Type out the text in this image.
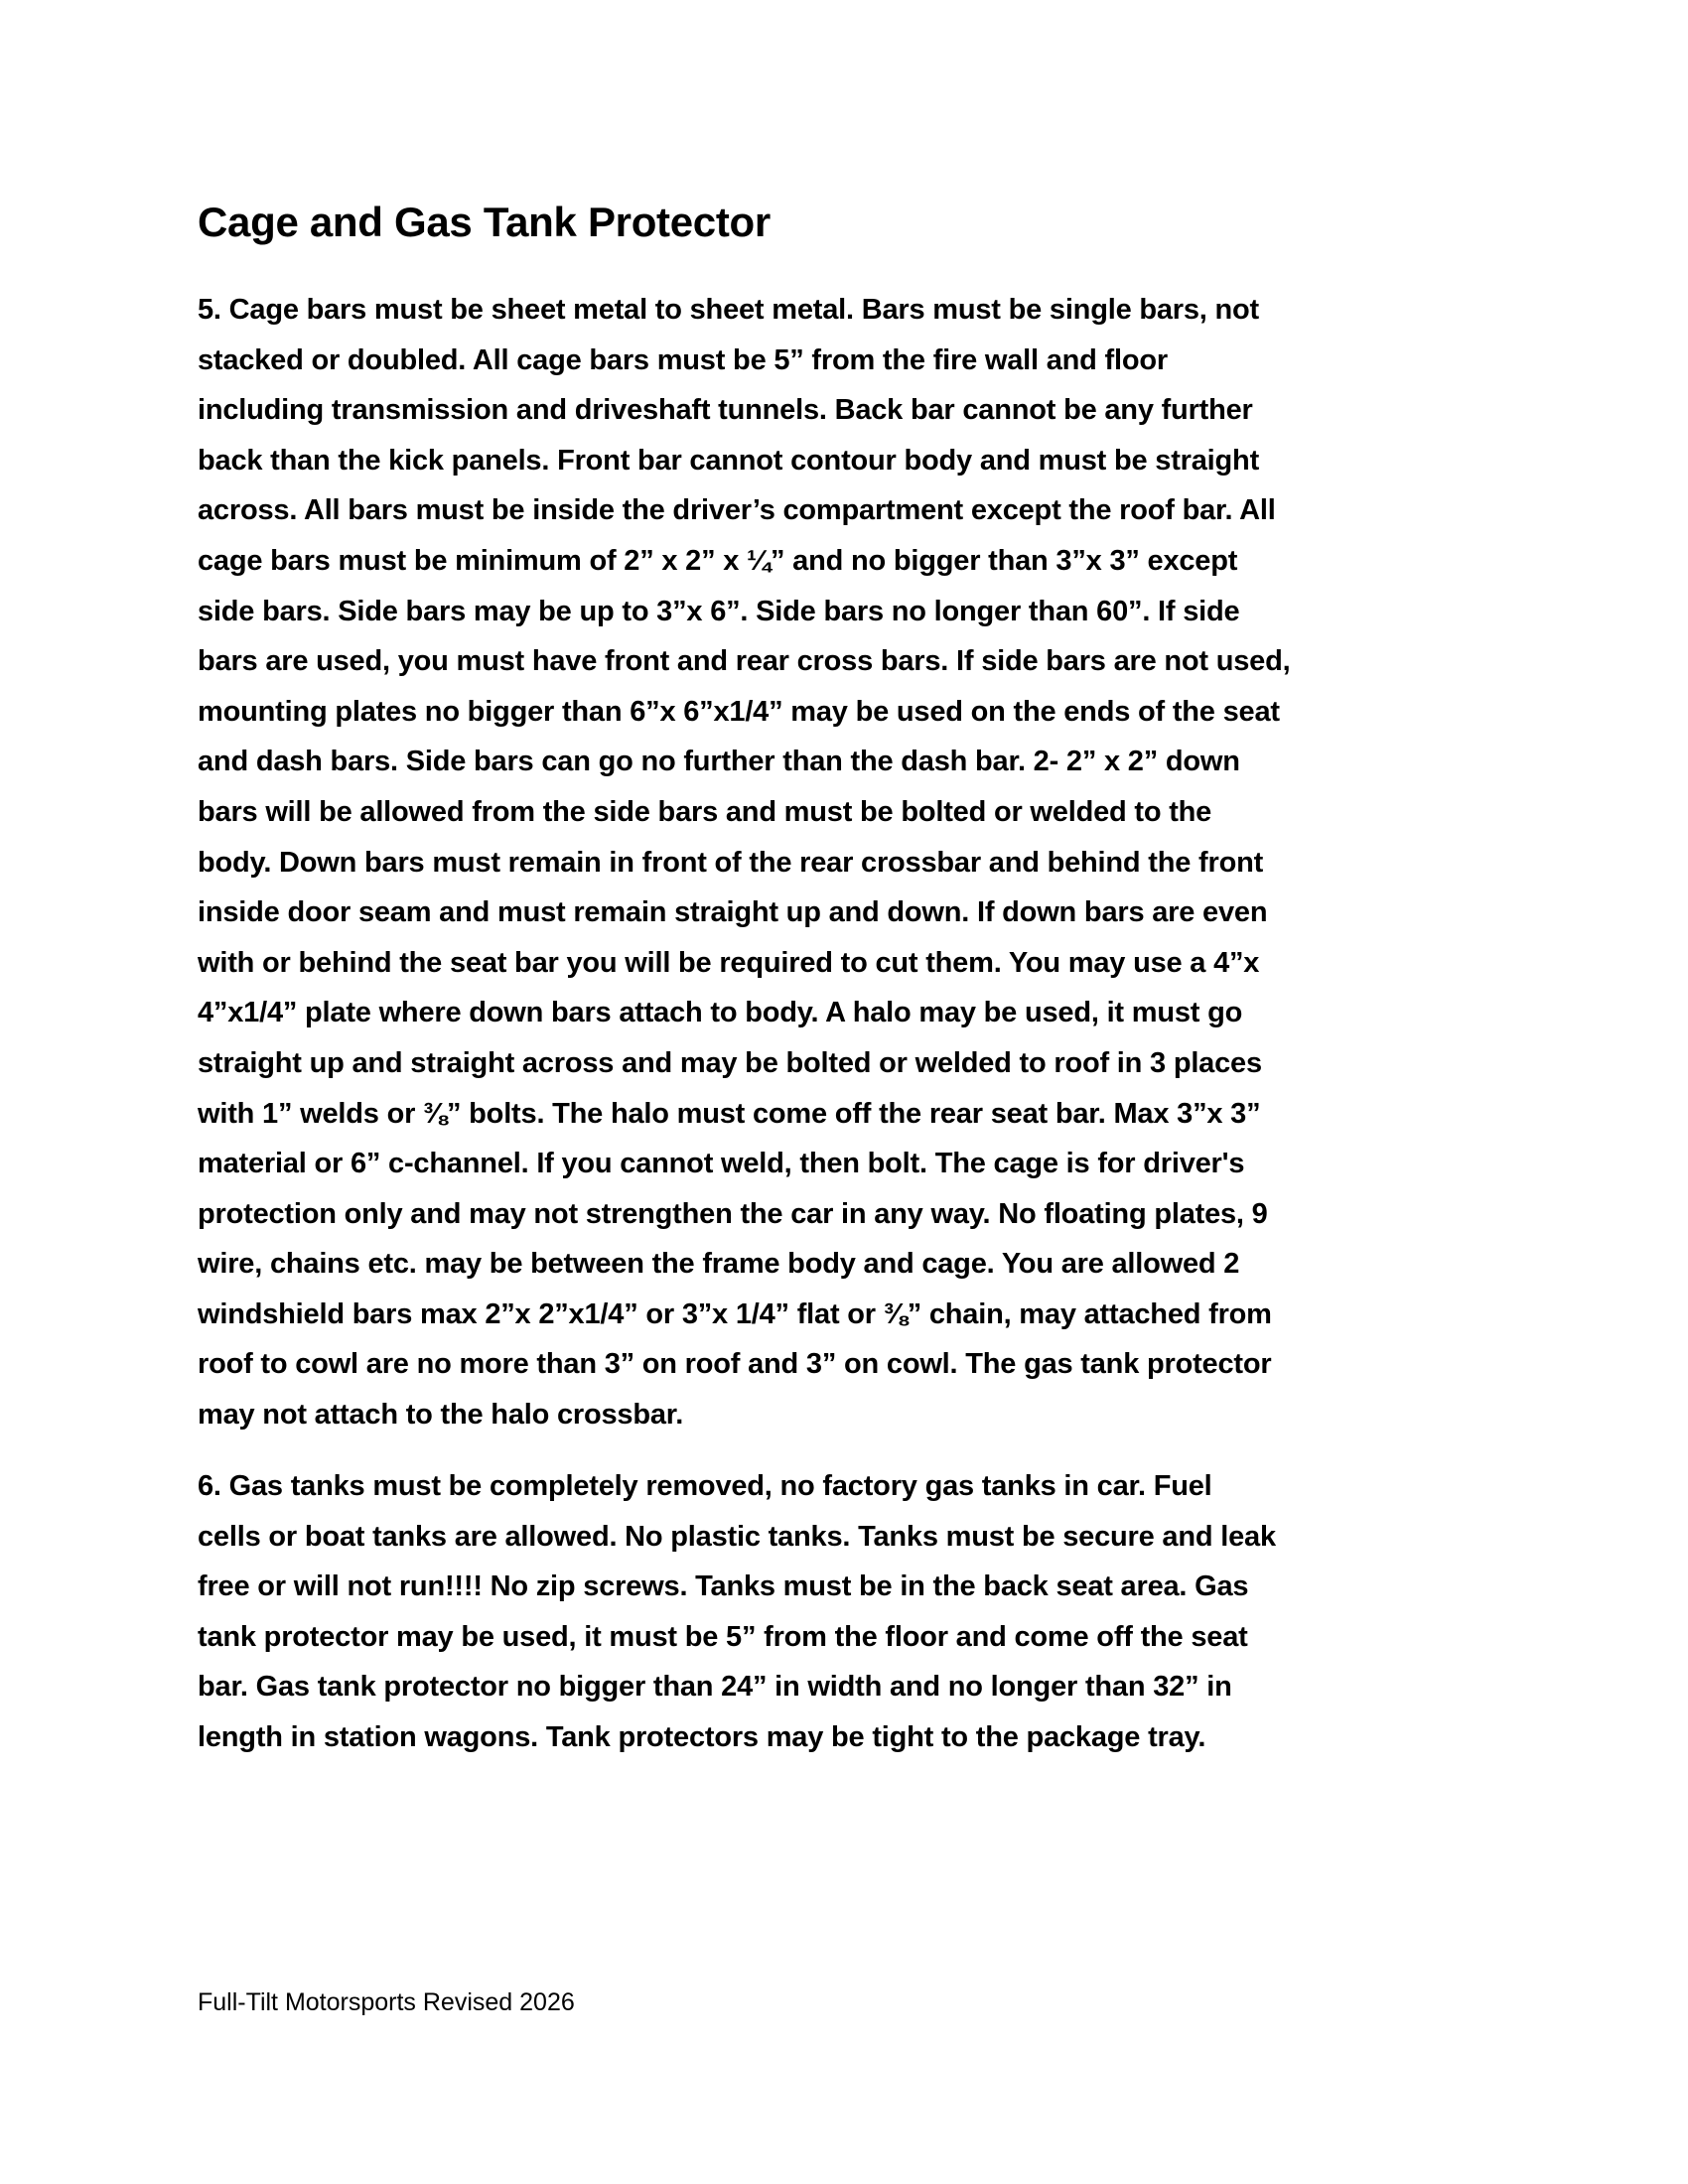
Cage and Gas Tank Protector
5. Cage bars must be sheet metal to sheet metal. Bars must be single bars, not
stacked or doubled. All cage bars must be 5” from the fire wall and floor
including transmission and driveshaft tunnels. Back bar cannot be any further
back than the kick panels. Front bar cannot contour body and must be straight
across. All bars must be inside the driver’s compartment except the roof bar. All
cage bars must be minimum of 2” x 2” x ¼” and no bigger than 3”x 3” except
side bars. Side bars may be up to 3”x 6”. Side bars no longer than 60”. If side
bars are used, you must have front and rear cross bars. If side bars are not used,
mounting plates no bigger than 6”x 6”x1/4” may be used on the ends of the seat
and dash bars. Side bars can go no further than the dash bar. 2- 2” x 2” down
bars will be allowed from the side bars and must be bolted or welded to the
body. Down bars must remain in front of the rear crossbar and behind the front
inside door seam and must remain straight up and down. If down bars are even
with or behind the seat bar you will be required to cut them. You may use a 4”x
4”x1/4” plate where down bars attach to body. A halo may be used, it must go
straight up and straight across and may be bolted or welded to roof in 3 places
with 1” welds or ⅜” bolts. The halo must come off the rear seat bar. Max 3”x 3”
material or 6” c-channel. If you cannot weld, then bolt. The cage is for driver's
protection only and may not strengthen the car in any way. No floating plates, 9
wire, chains etc. may be between the frame body and cage. You are allowed 2
windshield bars max 2”x 2”x1/4” or 3”x 1/4” flat or ⅜” chain, may attached from
roof to cowl are no more than 3” on roof and 3” on cowl. The gas tank protector
may not attach to the halo crossbar.
6. Gas tanks must be completely removed, no factory gas tanks in car. Fuel
cells or boat tanks are allowed. No plastic tanks. Tanks must be secure and leak
free or will not run!!!! No zip screws. Tanks must be in the back seat area. Gas
tank protector may be used, it must be 5” from the floor and come off the seat
bar. Gas tank protector no bigger than 24” in width and no longer than 32” in
length in station wagons. Tank protectors may be tight to the package tray.
Full-Tilt Motorsports Revised 2026
